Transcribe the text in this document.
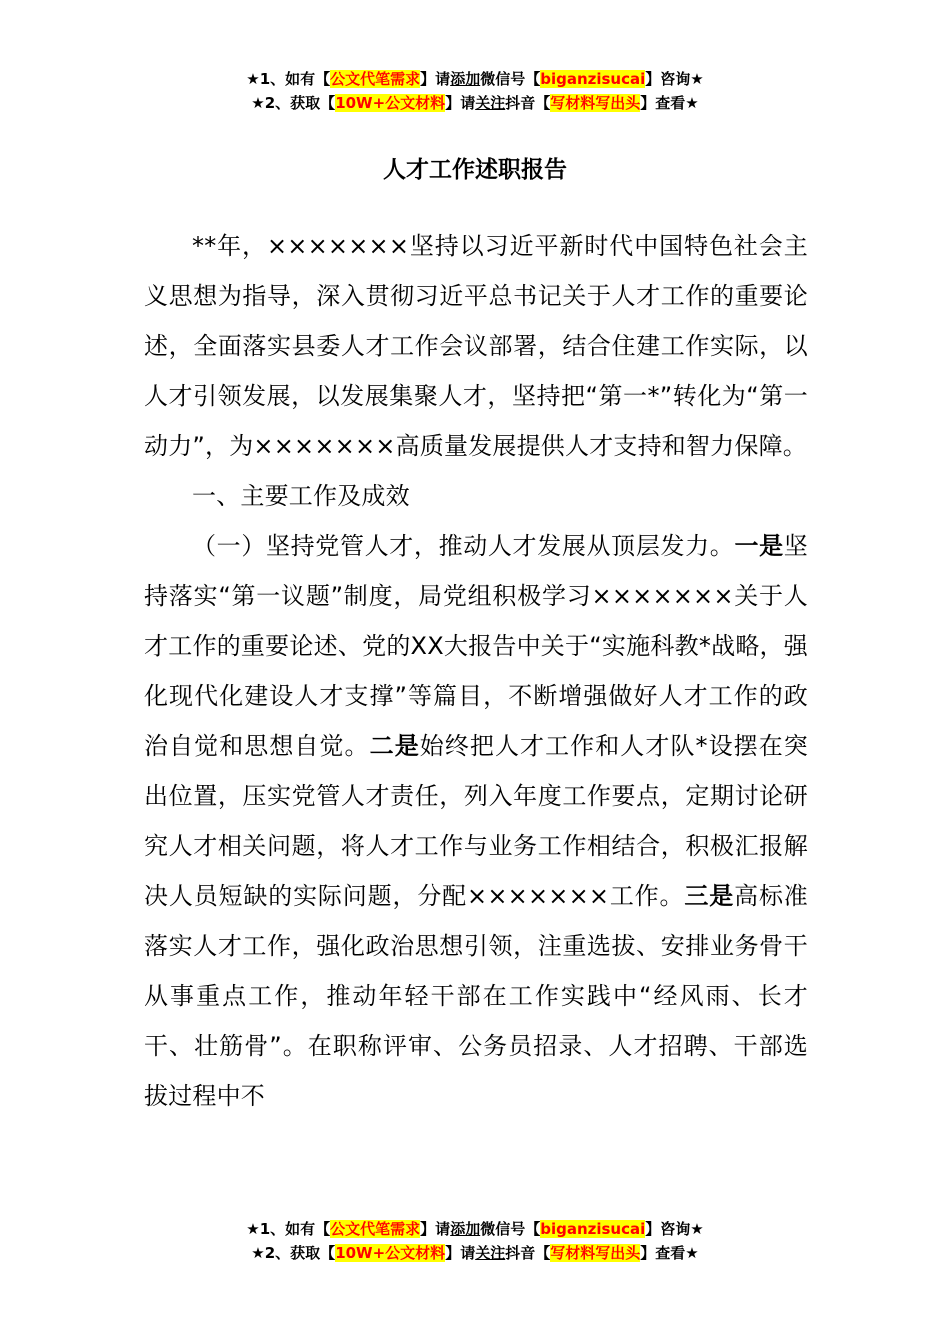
★1、如有【公文代笔需求】请添加微信号【biganzisucai】咨询★
★2、获取【10W+公文材料】请关注抖音【写材料写出头】查看★
人才工作述职报告

**年，×××××××坚持以习近平新时代中国特色社会主义思想为指导，深入贯彻习近平总书记关于人才工作的重要论述，全面落实县委人才工作会议部署，结合住建工作实际，以人才引领发展，以发展集聚人才，坚持把“第一*”转化为“第一动力”，为×××××××高质量发展提供人才支持和智力保障。

一、主要工作及成效

（一）坚持党管人才，推动人才发展从顶层发力。一是坚持落实“第一议题”制度，局党组积极学习×××××××关于人才工作的重要论述、党的XX大报告中关于“实施科教*战略，强化现代化建设人才支撑”等篇目，不断增强做好人才工作的政治自觉和思想自觉。二是始终把人才工作和人才队*设摆在突出位置，压实党管人才责任，列入年度工作要点，定期讨论研究人才相关问题，将人才工作与业务工作相结合，积极汇报解决人员短缺的实际问题，分配×××××××工作。三是高标准落实人才工作，强化政治思想引领，注重选拔、安排业务骨干从事重点工作，推动年轻干部在工作实践中“经风雨、长才干、壮筋骨”。在职称评审、公务员招录、人才招聘、干部选拔过程中不

★1、如有【公文代笔需求】请添加微信号【biganzisucai】咨询★
★2、获取【10W+公文材料】请关注抖音【写材料写出头】查看★
